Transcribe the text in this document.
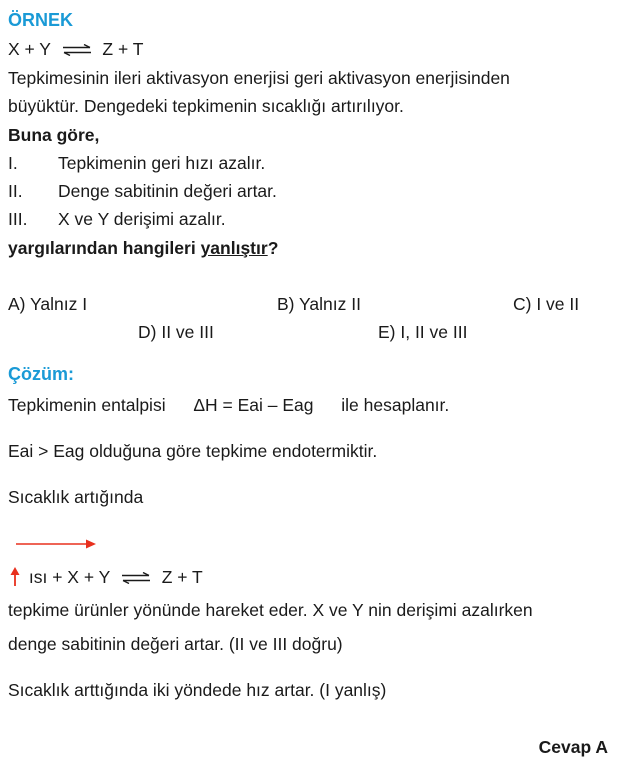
ÖRNEK
X + Y ⇌ Z + T
Tepkimesinin ileri aktivasyon enerjisi geri aktivasyon enerjisinden
büyüktür. Dengedeki tepkimenin sıcaklığı artırılıyor.
Buna göre,
I. Tepkimenin geri hızı azalır.
II. Denge sabitinin değeri artar.
III. X ve Y derişimi azalır.
yargılarından hangileri yanlıştır?
A) Yalnız I	B) Yalnız II	C) I ve II
D) II ve III	E) I, II ve III
Çözüm:
Tepkimenin entalpisi ΔH = Eai – Eag ile hesaplanır.
Eai > Eag olduğuna göre tepkime endotermiktir.
Sıcaklık artığında
ısı + X + Y ⇌ Z + T
tepkime ürünler yönünde hareket eder. X ve Y nin derişimi azalırken
denge sabitinin değeri artar. (II ve III doğru)
Sıcaklık arttığında iki yöndede hız artar. (I yanlış)
Cevap A
